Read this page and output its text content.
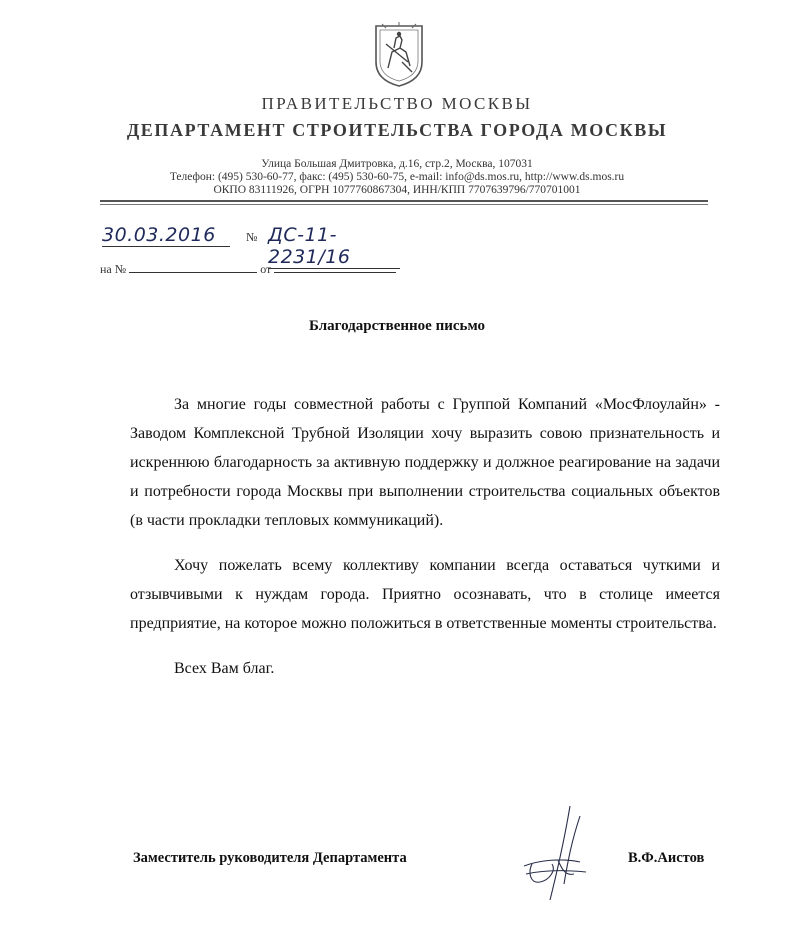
ПРАВИТЕЛЬСТВО МОСКВЫ
ДЕПАРТАМЕНТ СТРОИТЕЛЬСТВА ГОРОДА МОСКВЫ
Улица Большая Дмитровка, д.16, стр.2, Москва, 107031
Телефон: (495) 530-60-77, факс: (495) 530-60-75, e-mail: info@ds.mos.ru, http://www.ds.mos.ru
ОКПО 83111926, ОГРН 1077760867304, ИНН/КПП 7707639796/770701001
30.03.2016	№ ДС-11-2231/16
на №	от
Благодарственное письмо

За многие годы совместной работы с Группой Компаний «МосФлоулайн» - Заводом Комплексной Трубной Изоляции хочу выразить совою признательность и искреннюю благодарность за активную поддержку и должное реагирование на задачи и потребности города Москвы при выполнении строительства социальных объектов (в части прокладки тепловых коммуникаций).

Хочу пожелать всему коллективу компании всегда оставаться чуткими и отзывчивыми к нуждам города. Приятно осознавать, что в столице имеется предприятие, на которое можно положиться в ответственные моменты строительства.

Всех Вам благ.

Заместитель руководителя Департамента	В.Ф.Аистов
